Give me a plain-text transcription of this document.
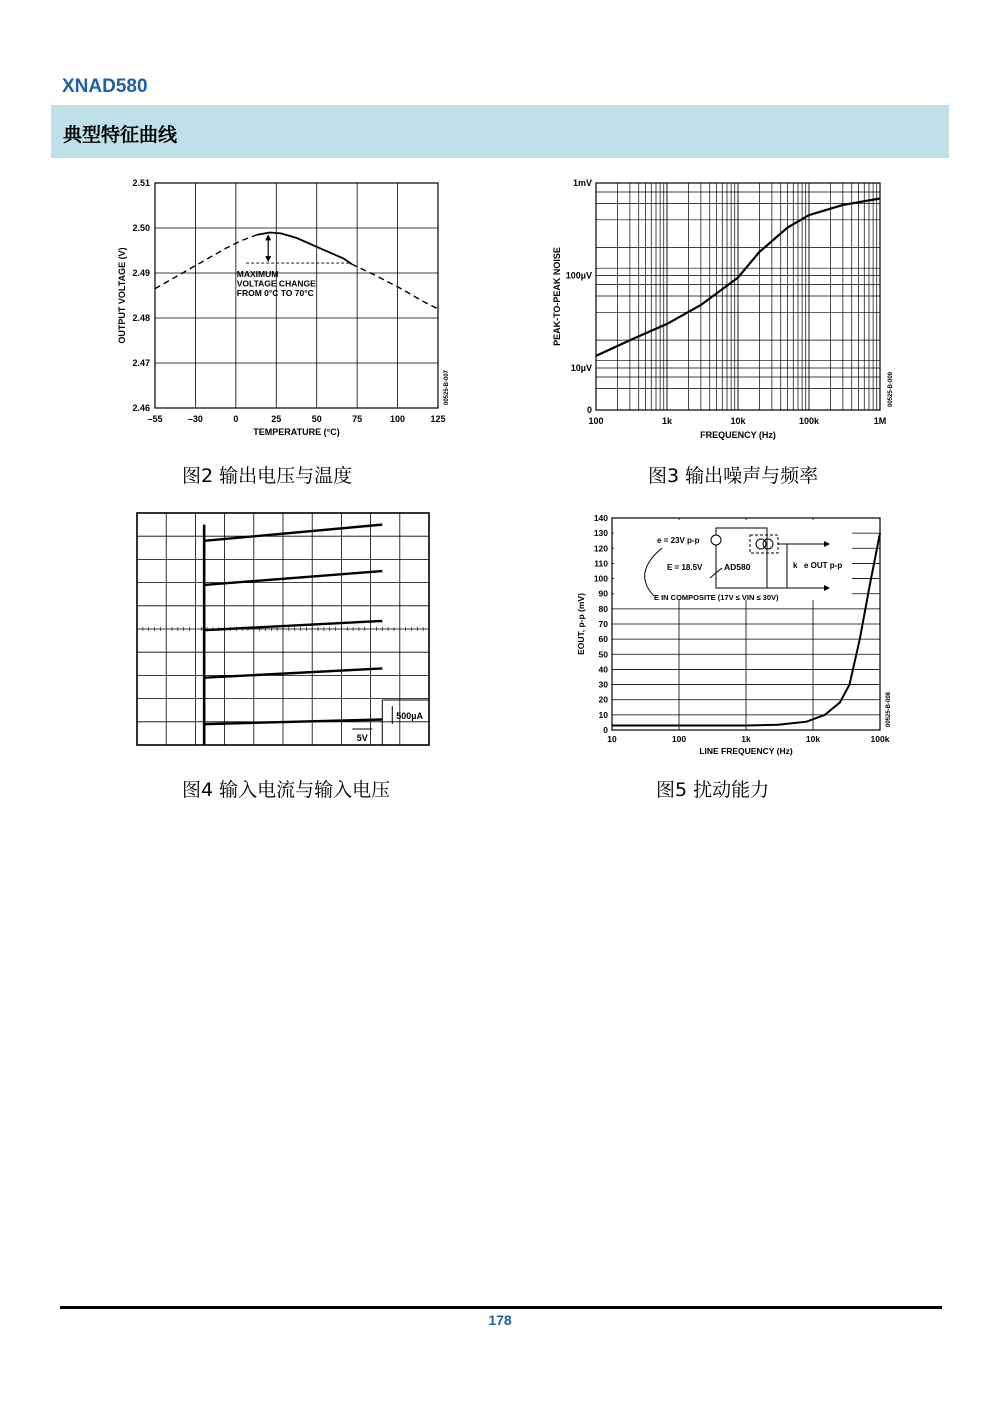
XNAD580
典型特征曲线
–55	–30	0	25	50	75	100	125
2.51
2.50
2.49
2.48
2.47
2.46
TEMPERATURE (°C)
OUTPUT VOLTAGE (V)	MAXIMUM
VOLTAGE CHANGE
FROM 0°C TO 70°C
00525-B-007
图2 输出电压与温度
100	1k	10k	100k	1M
1mV
100µV
10µV
0
FREQUENCY (Hz)
PEAK-TO-PEAK NOISE
00525-B-009
图3 输出噪声与频率
500µA
5V
图4 输入电流与输入电压
10	100	1k	10k	100k
140
130
120
110
100
90
80
70
60
50
40
30
20
10
0
LINE FREQUENCY (Hz)
EOUT, p-p (mV)
00525-B-008
e = 23V p-p
E = 18.5V	AD580	k e OUT p-p
E IN COMPOSITE (17V ≤ VIN ≤ 30V)
图5 扰动能力
178
